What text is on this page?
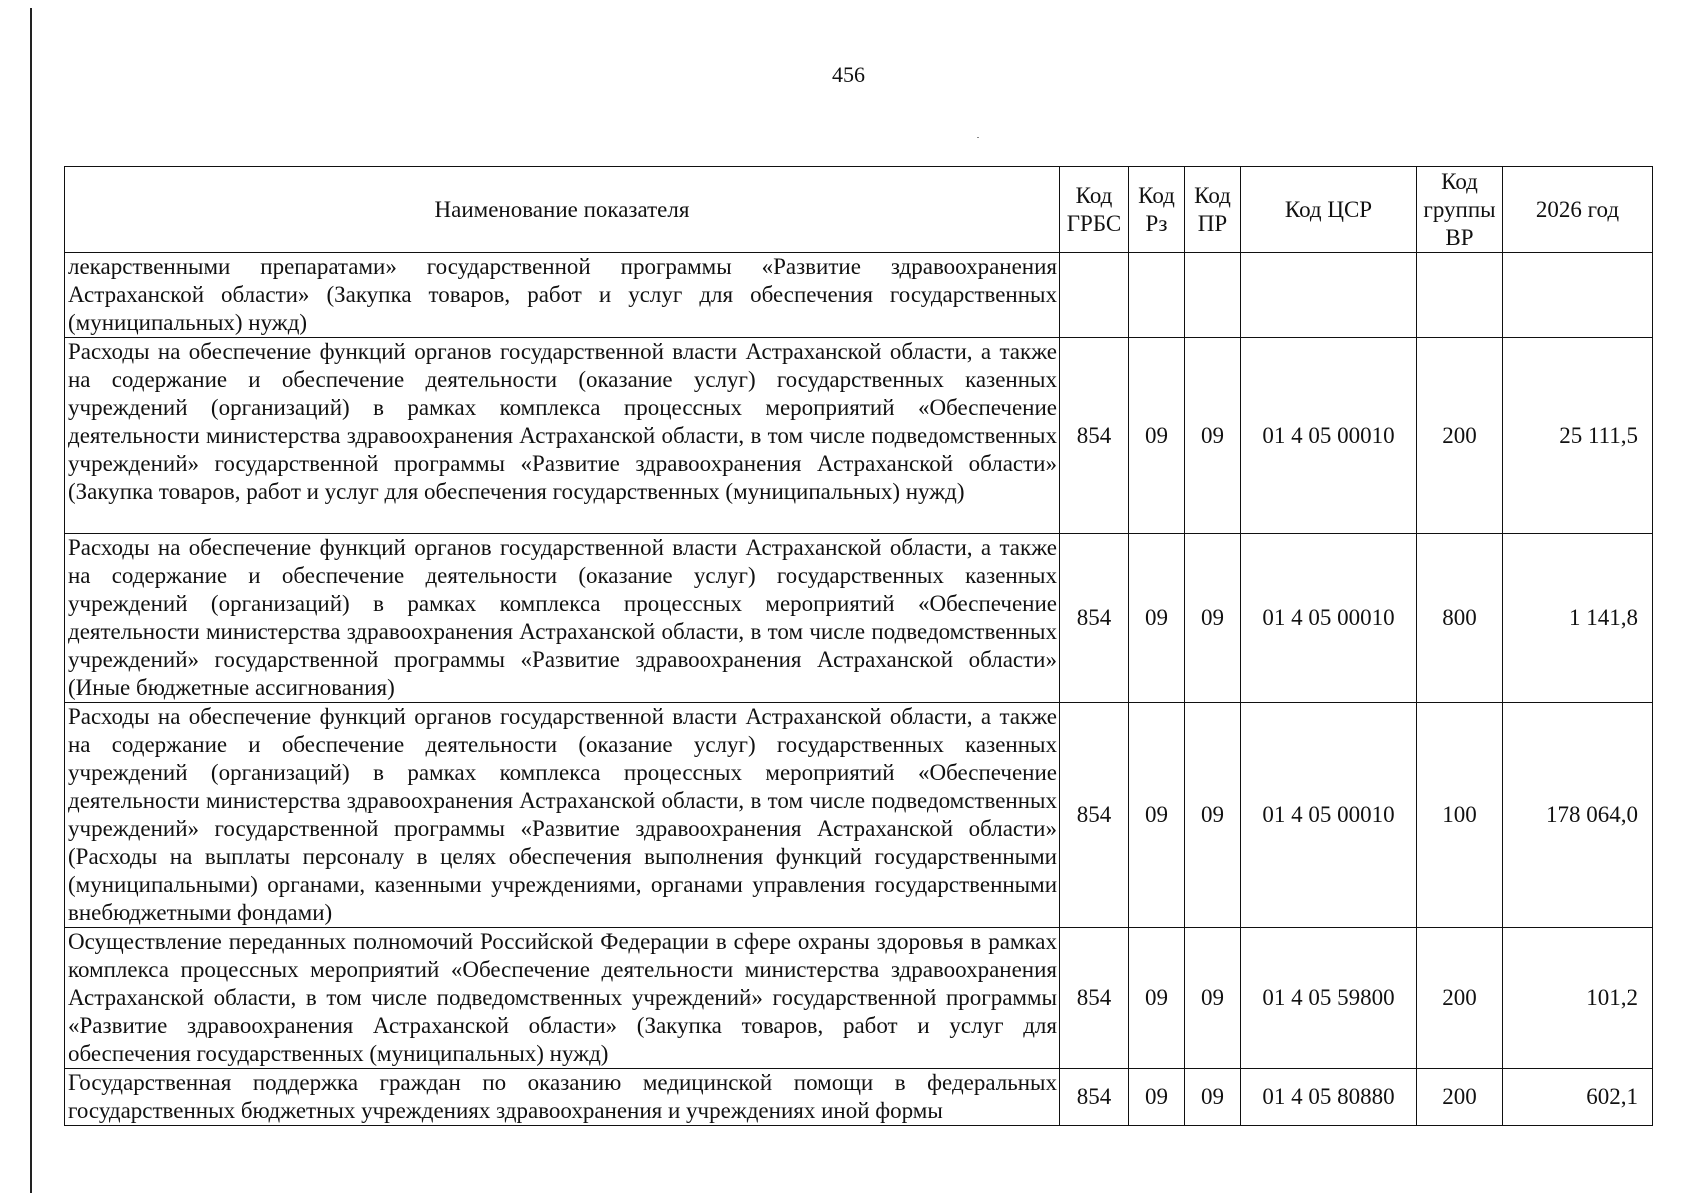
456
Наименование показателя	Код ГРБС	Код Рз	Код ПР	Код ЦСР	Код группы ВР	2026 год
лекарственными препаратами» государственной программы «Развитие здравоохранения Астраханской области» (Закупка товаров, работ и услуг для обеспечения государственных (муниципальных) нужд)						
Расходы на обеспечение функций органов государственной власти Астраханской области, а также на содержание и обеспечение деятельности (оказание услуг) государственных казенных учреждений (организаций) в рамках комплекса процессных мероприятий «Обеспечение деятельности министерства здравоохранения Астраханской области, в том числе подведомственных учреждений» государственной программы «Развитие здравоохранения Астраханской области» (Закупка товаров, работ и услуг для обеспечения государственных (муниципальных) нужд)	854	09	09	01 4 05 00010	200	25 111,5
Расходы на обеспечение функций органов государственной власти Астраханской области, а также на содержание и обеспечение деятельности (оказание услуг) государственных казенных учреждений (организаций) в рамках комплекса процессных мероприятий «Обеспечение деятельности министерства здравоохранения Астраханской области, в том числе подведомственных учреждений» государственной программы «Развитие здравоохранения Астраханской области» (Иные бюджетные ассигнования)	854	09	09	01 4 05 00010	800	1 141,8
Расходы на обеспечение функций органов государственной власти Астраханской области, а также на содержание и обеспечение деятельности (оказание услуг) государственных казенных учреждений (организаций) в рамках комплекса процессных мероприятий «Обеспечение деятельности министерства здравоохранения Астраханской области, в том числе подведомственных учреждений» государственной программы «Развитие здравоохранения Астраханской области» (Расходы на выплаты персоналу в целях обеспечения выполнения функций государственными (муниципальными) органами, казенными учреждениями, органами управления государственными внебюджетными фондами)	854	09	09	01 4 05 00010	100	178 064,0
Осуществление переданных полномочий Российской Федерации в сфере охраны здоровья в рамках комплекса процессных мероприятий «Обеспечение деятельности министерства здравоохранения Астраханской области, в том числе подведомственных учреждений» государственной программы «Развитие здравоохранения Астраханской области» (Закупка товаров, работ и услуг для обеспечения государственных (муниципальных) нужд)	854	09	09	01 4 05 59800	200	101,2
Государственная поддержка граждан по оказанию медицинской помощи в федеральных государственных бюджетных учреждениях здравоохранения и учреждениях иной формы	854	09	09	01 4 05 80880	200	602,1
